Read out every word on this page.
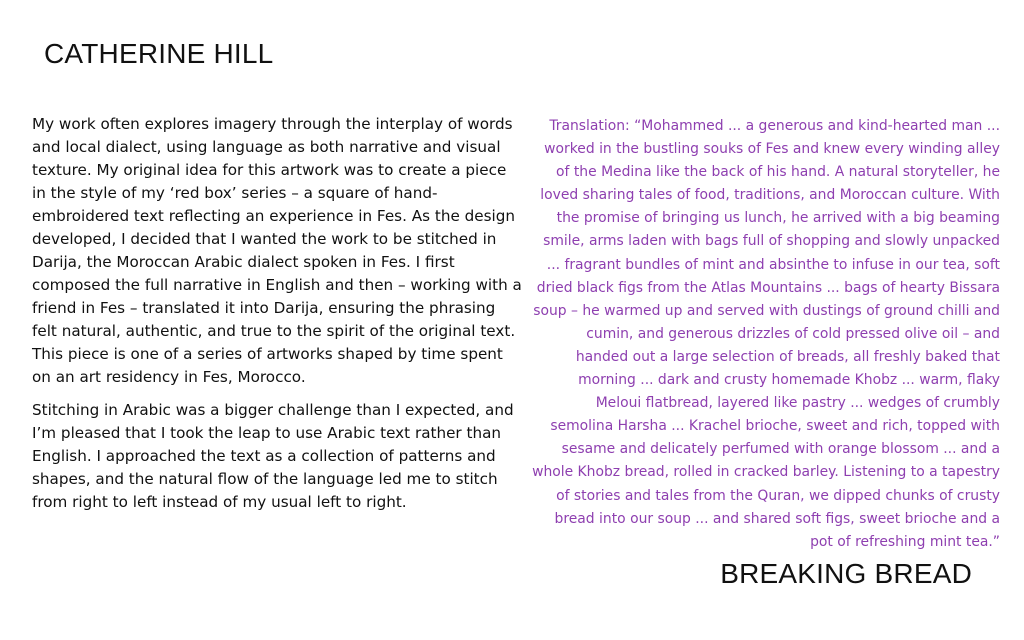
CATHERINE HILL

My work often explores imagery through the interplay of words and local dialect, using language as both narrative and visual texture. My original idea for this artwork was to create a piece in the style of my ‘red box’ series – a square of hand-embroidered text reflecting an experience in Fes. As the design developed, I decided that I wanted the work to be stitched in Darija, the Moroccan Arabic dialect spoken in Fes. I first composed the full narrative in English and then – working with a friend in Fes – translated it into Darija, ensuring the phrasing felt natural, authentic, and true to the spirit of the original text. This piece is one of a series of artworks shaped by time spent on an art residency in Fes, Morocco.

Stitching in Arabic was a bigger challenge than I expected, and I’m pleased that I took the leap to use Arabic text rather than English. I approached the text as a collection of patterns and shapes, and the natural flow of the language led me to stitch from right to left instead of my usual left to right.

Translation: “Mohammed ... a generous and kind-hearted man ... worked in the bustling souks of Fes and knew every winding alley of the Medina like the back of his hand. A natural storyteller, he loved sharing tales of food, traditions, and Moroccan culture. With the promise of bringing us lunch, he arrived with a big beaming smile, arms laden with bags full of shopping and slowly unpacked ... fragrant bundles of mint and absinthe to infuse in our tea, soft dried black figs from the Atlas Mountains ... bags of hearty Bissara soup – he warmed up and served with dustings of ground chilli and cumin, and generous drizzles of cold pressed olive oil – and handed out a large selection of breads, all freshly baked that morning ... dark and crusty homemade Khobz ... warm, flaky Meloui flatbread, layered like pastry ... wedges of crumbly semolina Harsha ... Krachel brioche, sweet and rich, topped with sesame and delicately perfumed with orange blossom ... and a whole Khobz bread, rolled in cracked barley. Listening to a tapestry of stories and tales from the Quran, we dipped chunks of crusty bread into our soup ... and shared soft figs, sweet brioche and a pot of refreshing mint tea.”

BREAKING BREAD
